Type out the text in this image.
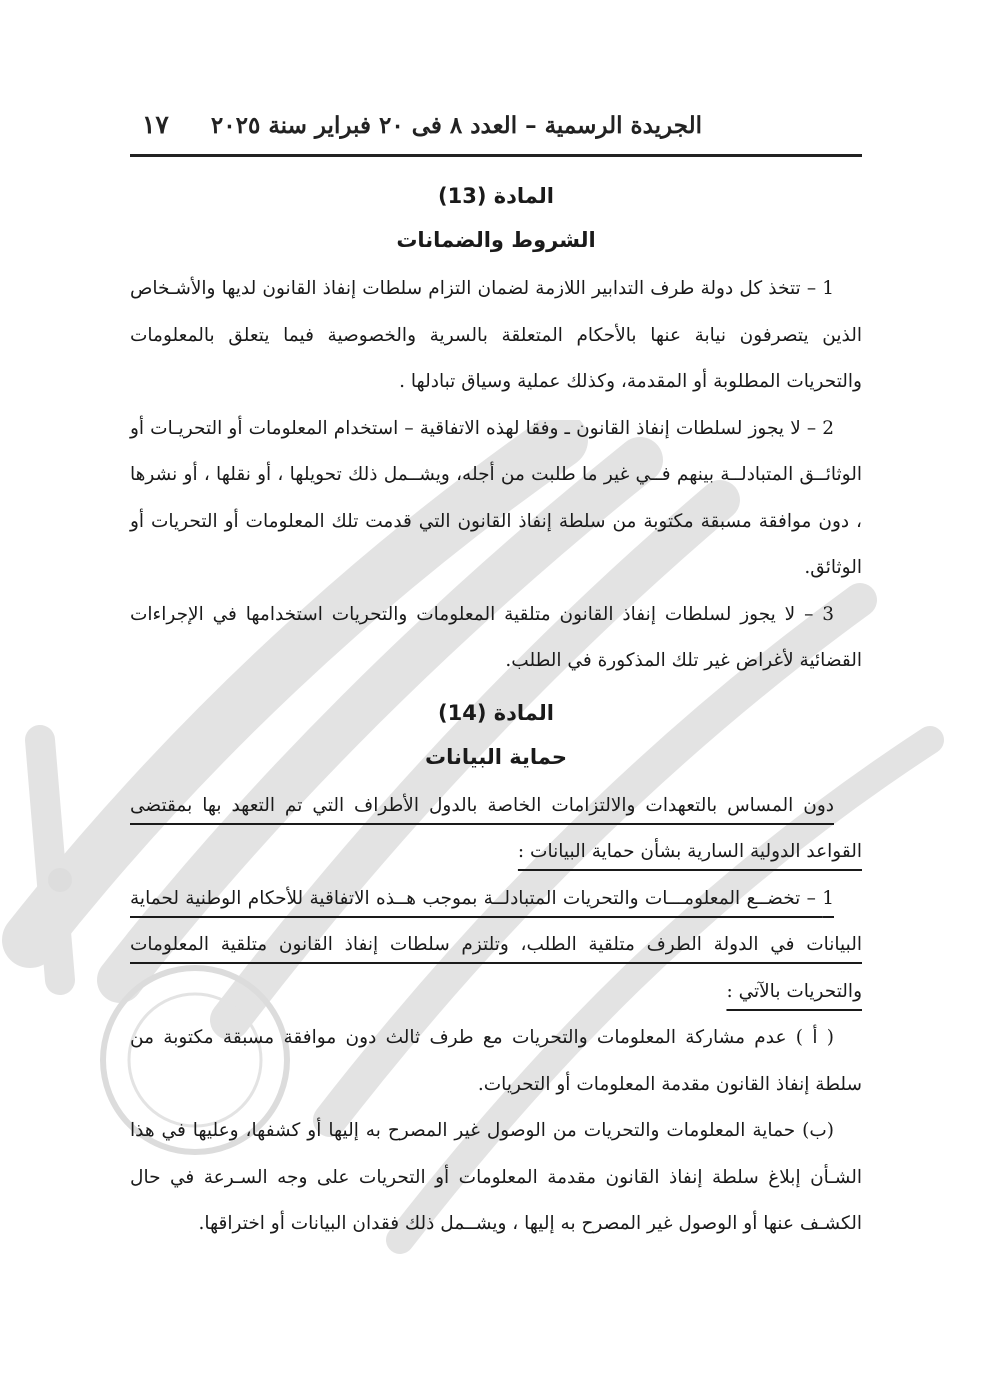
الجريدة الرسمية – العدد ٨ فى ٢٠ فبراير سنة ٢٠٢٥
١٧
المادة (13)
الشروط والضمانات

1 – تتخذ كل دولة طرف التدابير اللازمة لضمان التزام سلطات إنفاذ القانون لديها والأشـخاص الذين يتصرفون نيابة عنها بالأحكام المتعلقة بالسرية والخصوصية فيما يتعلق بالمعلومات والتحريات المطلوبة أو المقدمة، وكذلك عملية وسياق تبادلها .

2 – لا يجوز لسلطات إنفاذ القانون ـ وفقا لهذه الاتفاقية – استخدام المعلومات أو التحريـات أو الوثائــق المتبادلــة بينهم فــي غير ما طلبت من أجله، ويشــمل ذلك تحويلها ، أو نقلها ، أو نشرها ، دون موافقة مسبقة مكتوبة من سلطة إنفاذ القانون التي قدمت تلك المعلومات أو التحريات أو الوثائق.

3 – لا يجوز لسلطات إنفاذ القانون متلقية المعلومات والتحريات استخدامها في الإجراءات القضائية لأغراض غير تلك المذكورة في الطلب.

المادة (14)
حماية البيانات

دون المساس بالتعهدات والالتزامات الخاصة بالدول الأطراف التي تم التعهد بها بمقتضى القواعد الدولية السارية بشأن حماية البيانات :

1 – تخضــع المعلومـــات والتحريات المتبادلــة بموجب هــذه الاتفاقية للأحكام الوطنية لحماية البيانات في الدولة الطرف متلقية الطلب، وتلتزم سلطات إنفاذ القانون متلقية المعلومات والتحريات بالآتي :

( أ ) عدم مشاركة المعلومات والتحريات مع طرف ثالث دون موافقة مسبقة مكتوبة من سلطة إنفاذ القانون مقدمة المعلومات أو التحريات.

(ب) حماية المعلومات والتحريات من الوصول غير المصرح به إليها أو كشفها، وعليها في هذا الشـأن إبلاغ سلطة إنفاذ القانون مقدمة المعلومات أو التحريات على وجه السـرعة في حال الكشـف عنها أو الوصول غير المصرح به إليها ، ويشــمل ذلك فقدان البيانات أو اختراقها.
